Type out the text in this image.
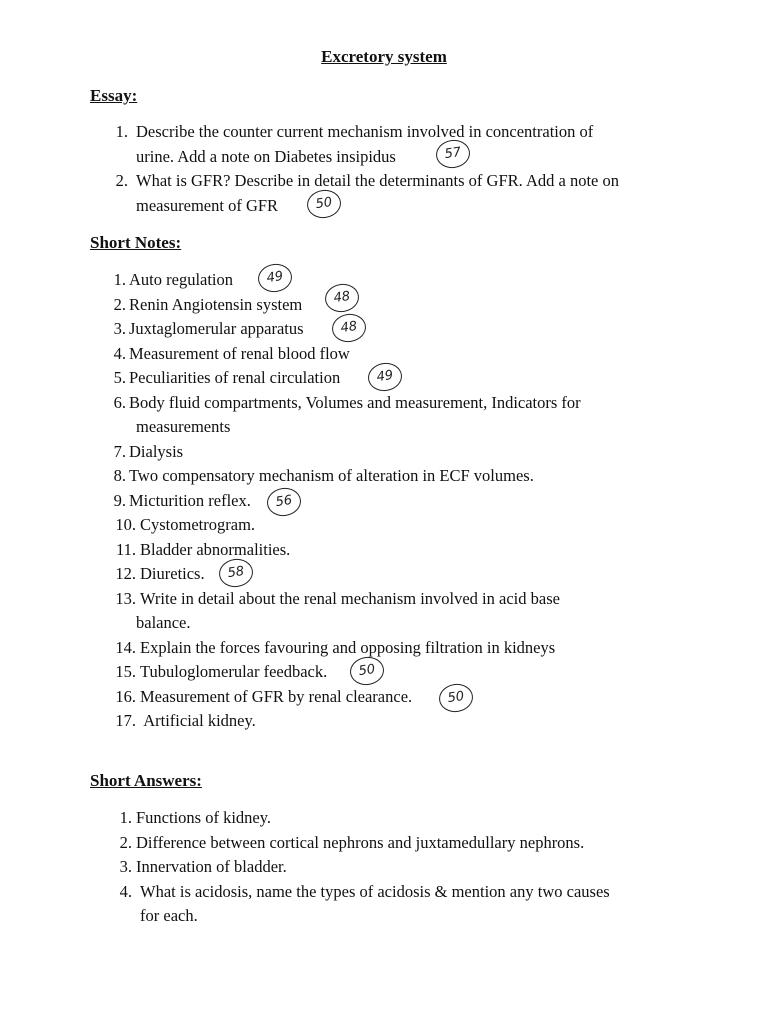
Excretory system
Essay:
1. Describe the counter current mechanism involved in concentration of
urine. Add a note on Diabetes insipidus	57
2. What is GFR? Describe in detail the determinants of GFR. Add a note on
measurement of GFR	50
Short Notes:
1. Auto regulation	49
2. Renin Angiotensin system	48
3. Juxtaglomerular apparatus	48
4. Measurement of renal blood flow
5. Peculiarities of renal circulation	49
6. Body fluid compartments, Volumes and measurement, Indicators for
measurements
7. Dialysis
8. Two compensatory mechanism of alteration in ECF volumes.
9. Micturition reflex.	56
10. Cystometrogram.
11. Bladder abnormalities.
12. Diuretics.	58
13. Write in detail about the renal mechanism involved in acid base
balance.
14. Explain the forces favouring and opposing filtration in kidneys
15. Tubuloglomerular feedback.	50
16. Measurement of GFR by renal clearance.	50
17. Artificial kidney.
Short Answers:
1. Functions of kidney.
2. Difference between cortical nephrons and juxtamedullary nephrons.
3. Innervation of bladder.
4. What is acidosis, name the types of acidosis & mention any two causes
for each.
